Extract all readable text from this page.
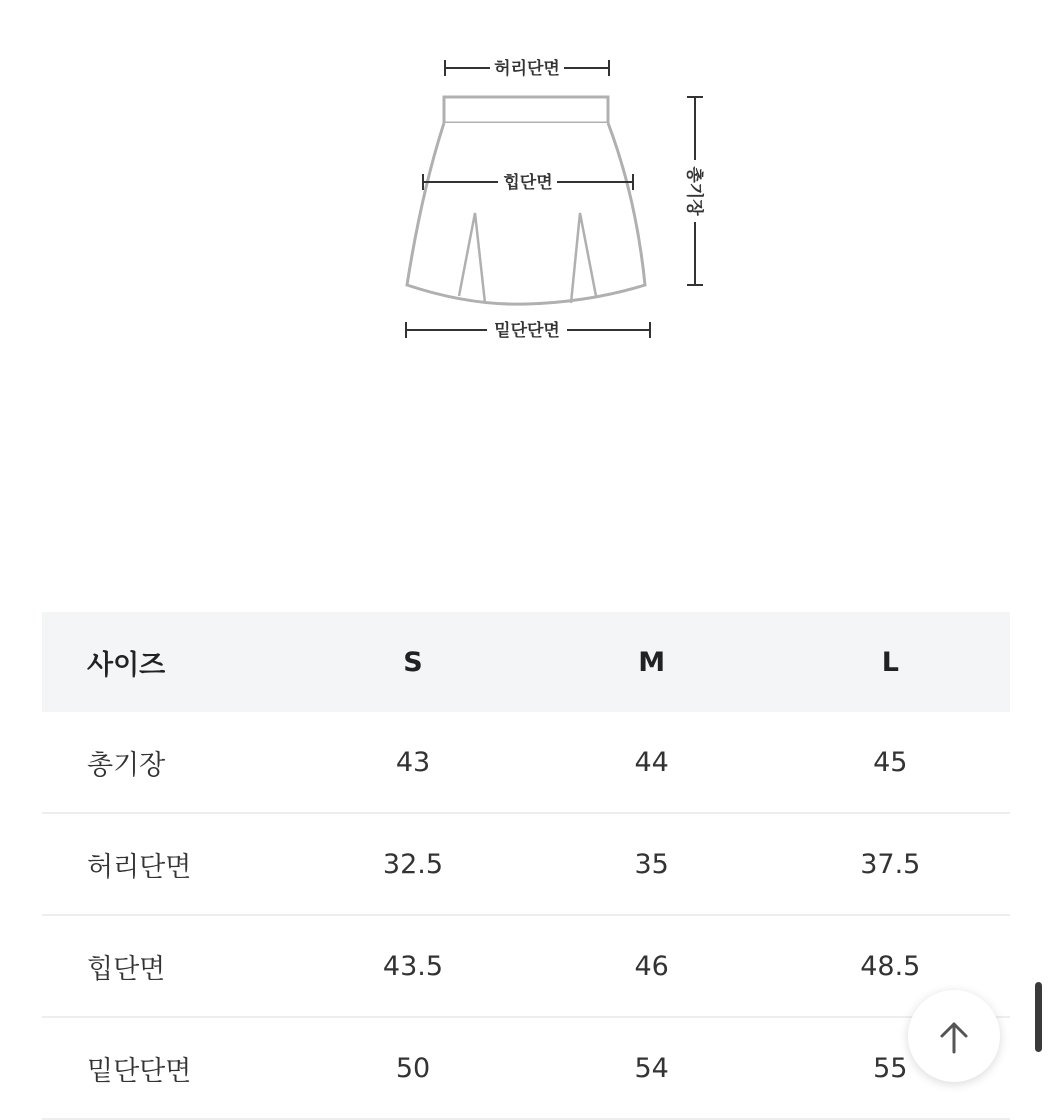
허리단면
힙단면
밑단단면
총기장
사이즈	S	M	L
총기장	43	44	45
허리단면	32.5	35	37.5
힙단면	43.5	46	48.5
밑단단면	50	54	55
